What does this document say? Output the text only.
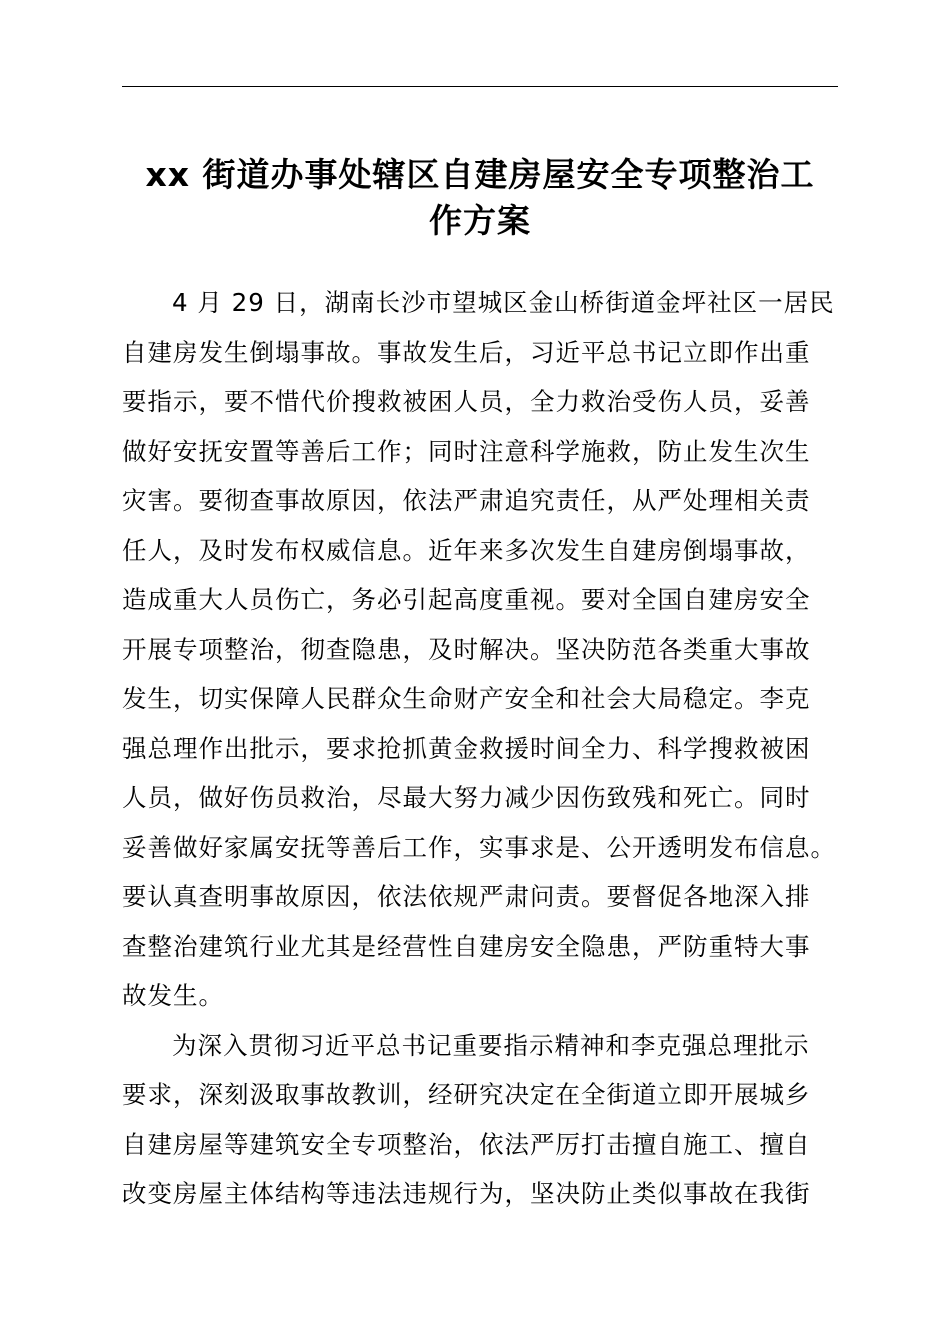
xx 街道办事处辖区自建房屋安全专项整治工
作方案
4 月 29 日，湖南长沙市望城区金山桥街道金坪社区一居民
自建房发生倒塌事故。事故发生后，习近平总书记立即作出重
要指示，要不惜代价搜救被困人员，全力救治受伤人员，妥善
做好安抚安置等善后工作；同时注意科学施救，防止发生次生
灾害。要彻查事故原因，依法严肃追究责任，从严处理相关责
任人，及时发布权威信息。近年来多次发生自建房倒塌事故，
造成重大人员伤亡，务必引起高度重视。要对全国自建房安全
开展专项整治，彻查隐患，及时解决。坚决防范各类重大事故
发生，切实保障人民群众生命财产安全和社会大局稳定。李克
强总理作出批示，要求抢抓黄金救援时间全力、科学搜救被困
人员，做好伤员救治，尽最大努力减少因伤致残和死亡。同时
妥善做好家属安抚等善后工作，实事求是、公开透明发布信息。
要认真查明事故原因，依法依规严肃问责。要督促各地深入排
查整治建筑行业尤其是经营性自建房安全隐患，严防重特大事
故发生。
为深入贯彻习近平总书记重要指示精神和李克强总理批示
要求，深刻汲取事故教训，经研究决定在全街道立即开展城乡
自建房屋等建筑安全专项整治，依法严厉打击擅自施工、擅自
改变房屋主体结构等违法违规行为，坚决防止类似事故在我街
